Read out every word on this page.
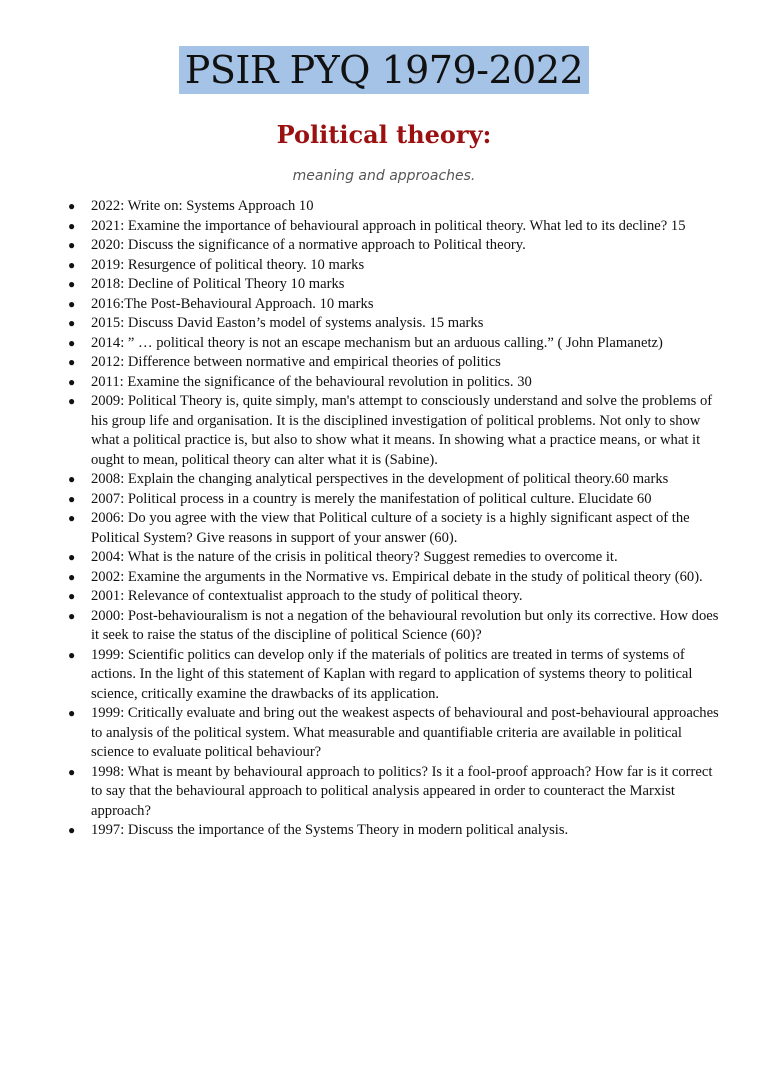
PSIR PYQ 1979-2022
Political theory:
meaning and approaches.
● 2022: Write on: Systems Approach 10
● 2021: Examine the importance of behavioural approach in political theory. What led to its decline? 15
● 2020: Discuss the significance of a normative approach to Political theory.
● 2019: Resurgence of political theory. 10 marks
● 2018: Decline of Political Theory 10 marks
● 2016:The Post-Behavioural Approach. 10 marks
● 2015: Discuss David Easton’s model of systems analysis. 15 marks
● 2014: ” … political theory is not an escape mechanism but an arduous calling.” ( John Plamanetz)
● 2012: Difference between normative and empirical theories of politics
● 2011: Examine the significance of the behavioural revolution in politics. 30
● 2009: Political Theory is, quite simply, man's attempt to consciously understand and solve the problems of his group life and organisation. It is the disciplined investigation of political problems. Not only to show what a political practice is, but also to show what it means. In showing what a practice means, or what it ought to mean, political theory can alter what it is (Sabine).
● 2008: Explain the changing analytical perspectives in the development of political theory.60 marks
● 2007: Political process in a country is merely the manifestation of political culture. Elucidate 60
● 2006: Do you agree with the view that Political culture of a society is a highly significant aspect of the Political System? Give reasons in support of your answer (60).
● 2004: What is the nature of the crisis in political theory? Suggest remedies to overcome it.
● 2002: Examine the arguments in the Normative vs. Empirical debate in the study of political theory (60).
● 2001: Relevance of contextualist approach to the study of political theory.
● 2000: Post-behaviouralism is not a negation of the behavioural revolution but only its corrective. How does it seek to raise the status of the discipline of political Science (60)?
● 1999: Scientific politics can develop only if the materials of politics are treated in terms of systems of actions. In the light of this statement of Kaplan with regard to application of systems theory to political science, critically examine the drawbacks of its application.
● 1999: Critically evaluate and bring out the weakest aspects of behavioural and post-behavioural approaches to analysis of the political system. What measurable and quantifiable criteria are available in political science to evaluate political behaviour?
● 1998: What is meant by behavioural approach to politics? Is it a fool-proof approach? How far is it correct to say that the behavioural approach to political analysis appeared in order to counteract the Marxist approach?
● 1997: Discuss the importance of the Systems Theory in modern political analysis.
